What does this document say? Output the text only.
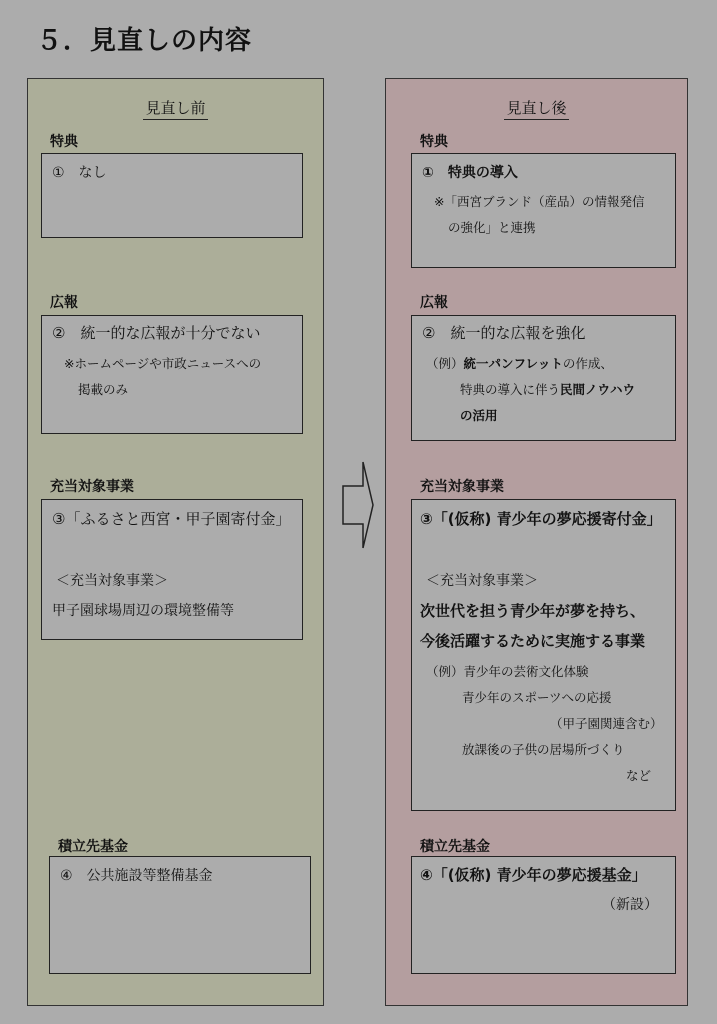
５．見直しの内容
見直し前
特典
①　なし
広報
②　統一的な広報が十分でない
※ホームページや市政ニュースへの
掲載のみ
充当対象事業
③「ふるさと西宮・甲子園寄付金」
＜充当対象事業＞
甲子園球場周辺の環境整備等
積立先基金
④　公共施設等整備基金
見直し後
特典
①　特典の導入
※「西宮ブランド（産品）の情報発信
の強化」と連携
広報
②　統一的な広報を強化
（例）統一パンフレットの作成、
特典の導入に伴う民間ノウハウ
の活用
充当対象事業
③「(仮称) 青少年の夢応援寄付金」
＜充当対象事業＞
次世代を担う青少年が夢を持ち、
今後活躍するために実施する事業
（例）青少年の芸術文化体験
青少年のスポーツへの応援
（甲子園関連含む）
放課後の子供の居場所づくり
など
積立先基金
④「(仮称) 青少年の夢応援基金」
（新設）
